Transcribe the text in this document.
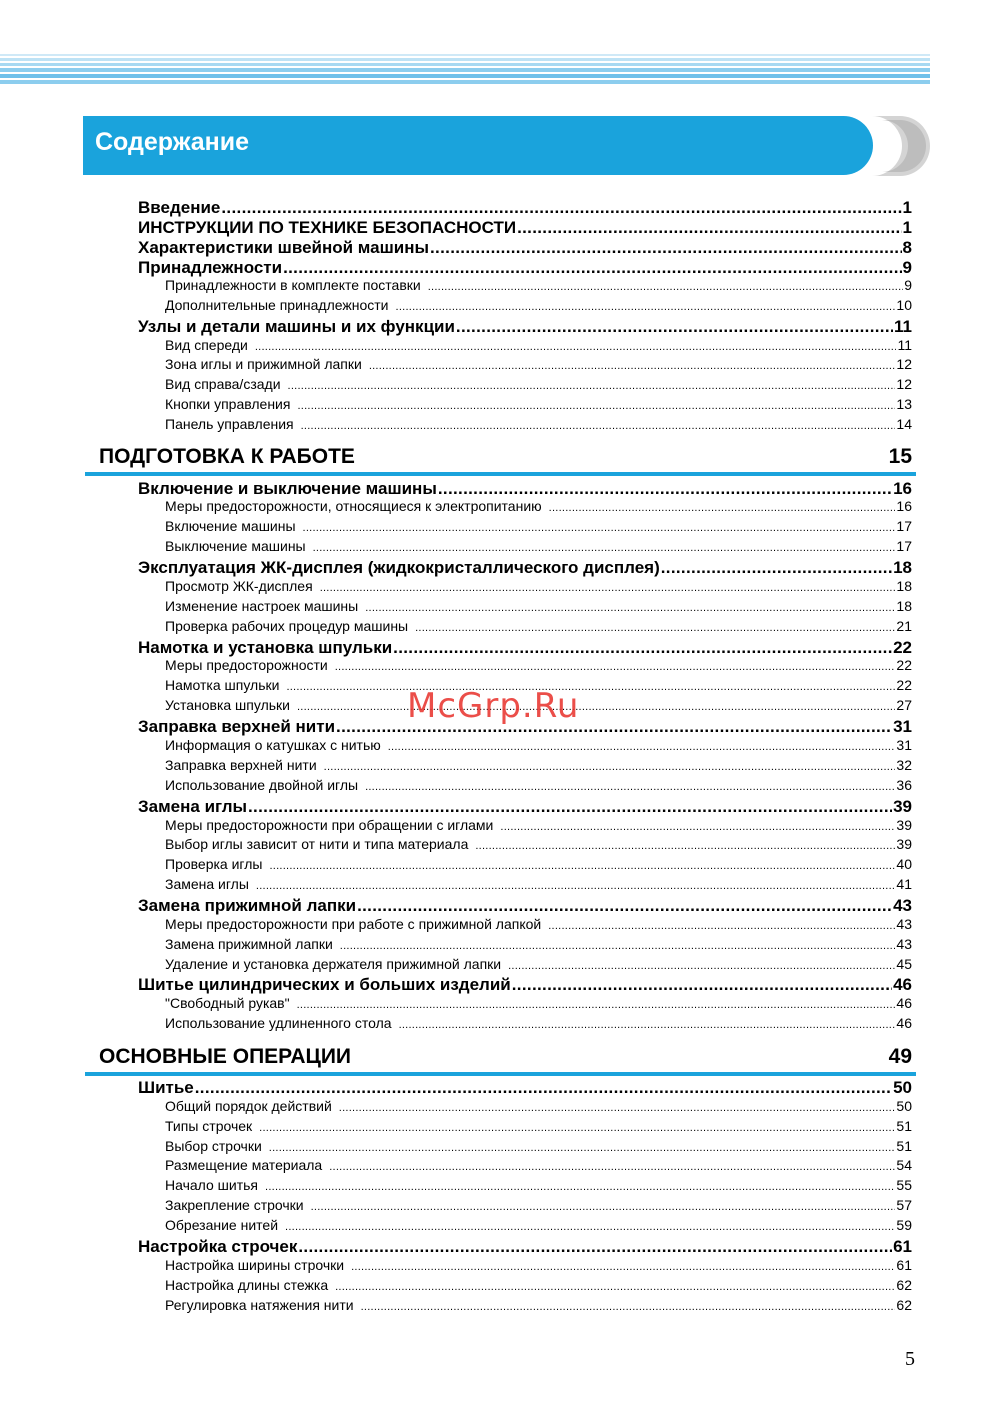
Содержание
Введение . . .	1
ИНСТРУКЦИИ ПО ТЕХНИКЕ БЕЗОПАСНОСТИ . . .	1
Характеристики швейной машины . . .	8
Принадлежности . . .	9
Принадлежности в комплекте поставки . . .	9
Дополнительные принадлежности . . .	10
Узлы и детали машины и их функции . . .	11
Вид спереди . . .	11
Зона иглы и прижимной лапки . . .	12
Вид справа/сзади . . .	12
Кнопки управления . . .	13
Панель управления . . .	14
ПОДГОТОВКА К РАБОТЕ	15
Включение и выключение машины . . .	16
Меры предосторожности, относящиеся к электропитанию . . .	16
Включение машины . . .	17
Выключение машины . . .	17
Эксплуатация ЖК-дисплея (жидкокристаллического дисплея) . . .	18
Просмотр ЖК-дисплея . . .	18
Изменение настроек машины . . .	18
Проверка рабочих процедур машины . . .	21
Намотка и установка шпульки . . .	22
Меры предосторожности . . .	22
Намотка шпульки . . .	22
Установка шпульки . . .	27
Заправка верхней нити . . .	31
Информация о катушках с нитью . . .	31
Заправка верхней нити . . .	32
Использование двойной иглы . . .	36
Замена иглы . . .	39
Меры предосторожности при обращении с иглами . . .	39
Выбор иглы зависит от нити и типа материала . . .	39
Проверка иглы . . .	40
Замена иглы . . .	41
Замена прижимной лапки . . .	43
Меры предосторожности при работе с прижимной лапкой . . .	43
Замена прижимной лапки . . .	43
Удаление и установка держателя прижимной лапки . . .	45
Шитье цилиндрических и больших изделий . . .	46
"Свободный рукав" . . .	46
Использование удлиненного стола . . .	46
ОСНОВНЫЕ ОПЕРАЦИИ	49
Шитье . . .	50
Общий порядок действий . . .	50
Типы строчек . . .	51
Выбор строчки . . .	51
Размещение материала . . .	54
Начало шитья . . .	55
Закрепление строчки . . .	57
Обрезание нитей . . .	59
Настройка строчек . . .	61
Настройка ширины строчки . . .	61
Настройка длины стежка . . .	62
Регулировка натяжения нити . . .	62
5
McGrp.Ru
